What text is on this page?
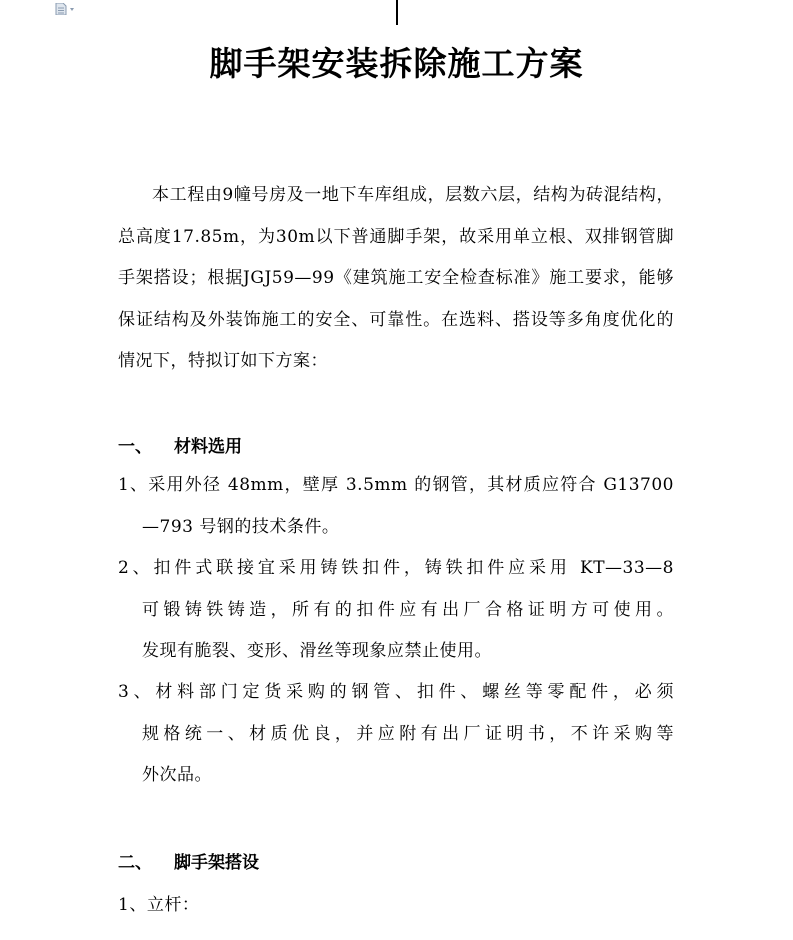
脚手架安装拆除施工方案

本工程由9幢号房及一地下车库组成，层数六层，结构为砖混结构，总高度17.85m，为30m以下普通脚手架，故采用单立根、双排钢管脚手架搭设；根据JGJ59—99《建筑施工安全检查标准》施工要求，能够保证结构及外装饰施工的安全、可靠性。在选料、搭设等多角度优化的情况下，特拟订如下方案：

一、 材料选用
1、采用外径 48mm，壁厚 3.5mm 的钢管，其材质应符合 G13700
—793 号钢的技术条件。
2、扣件式联接宜采用铸铁扣件，铸铁扣件应采用 KT—33—8
可锻铸铁铸造，所有的扣件应有出厂合格证明方可使用。
发现有脆裂、变形、滑丝等现象应禁止使用。
3、材料部门定货采购的钢管、扣件、螺丝等零配件，必须
规格统一、材质优良，并应附有出厂证明书，不许采购等
外次品。
二、 脚手架搭设
1、立杆：
